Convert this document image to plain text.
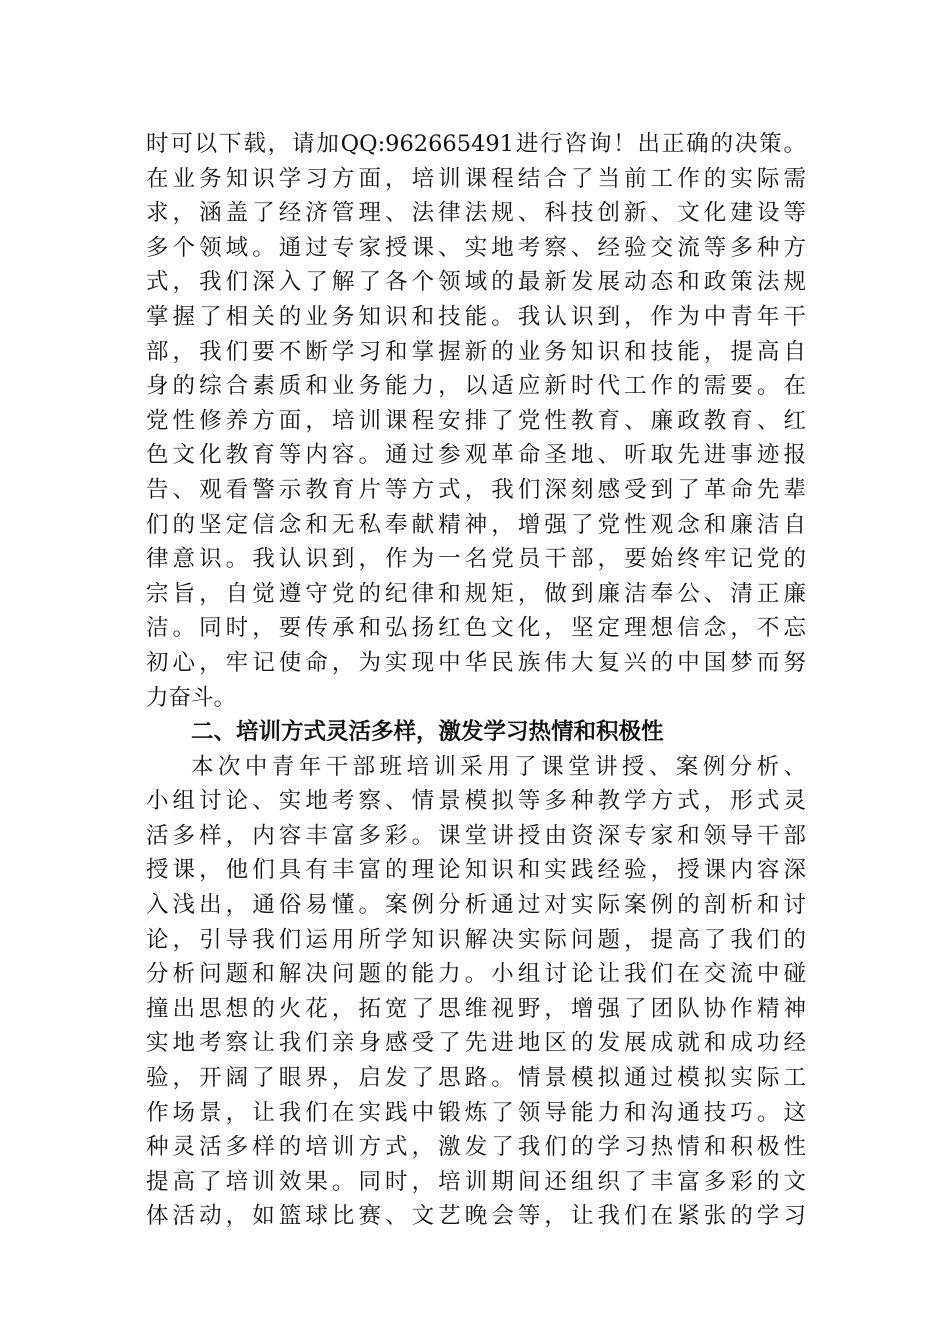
时可以下载，请加QQ:962665491进行咨询！出正确的决策。
在业务知识学习方面，培训课程结合了当前工作的实际需
求，涵盖了经济管理、法律法规、科技创新、文化建设等
多个领域。通过专家授课、实地考察、经验交流等多种方
式，我们深入了解了各个领域的最新发展动态和政策法规
掌握了相关的业务知识和技能。我认识到，作为中青年干
部，我们要不断学习和掌握新的业务知识和技能，提高自
身的综合素质和业务能力，以适应新时代工作的需要。在
党性修养方面，培训课程安排了党性教育、廉政教育、红
色文化教育等内容。通过参观革命圣地、听取先进事迹报
告、观看警示教育片等方式，我们深刻感受到了革命先辈
们的坚定信念和无私奉献精神，增强了党性观念和廉洁自
律意识。我认识到，作为一名党员干部，要始终牢记党的
宗旨，自觉遵守党的纪律和规矩，做到廉洁奉公、清正廉
洁。同时，要传承和弘扬红色文化，坚定理想信念，不忘
初心，牢记使命，为实现中华民族伟大复兴的中国梦而努
力奋斗。
二、培训方式灵活多样，激发学习热情和积极性
本次中青年干部班培训采用了课堂讲授、案例分析、
小组讨论、实地考察、情景模拟等多种教学方式，形式灵
活多样，内容丰富多彩。课堂讲授由资深专家和领导干部
授课，他们具有丰富的理论知识和实践经验，授课内容深
入浅出，通俗易懂。案例分析通过对实际案例的剖析和讨
论，引导我们运用所学知识解决实际问题，提高了我们的
分析问题和解决问题的能力。小组讨论让我们在交流中碰
撞出思想的火花，拓宽了思维视野，增强了团队协作精神
实地考察让我们亲身感受了先进地区的发展成就和成功经
验，开阔了眼界，启发了思路。情景模拟通过模拟实际工
作场景，让我们在实践中锻炼了领导能力和沟通技巧。这
种灵活多样的培训方式，激发了我们的学习热情和积极性
提高了培训效果。同时，培训期间还组织了丰富多彩的文
体活动，如篮球比赛、文艺晚会等，让我们在紧张的学习
